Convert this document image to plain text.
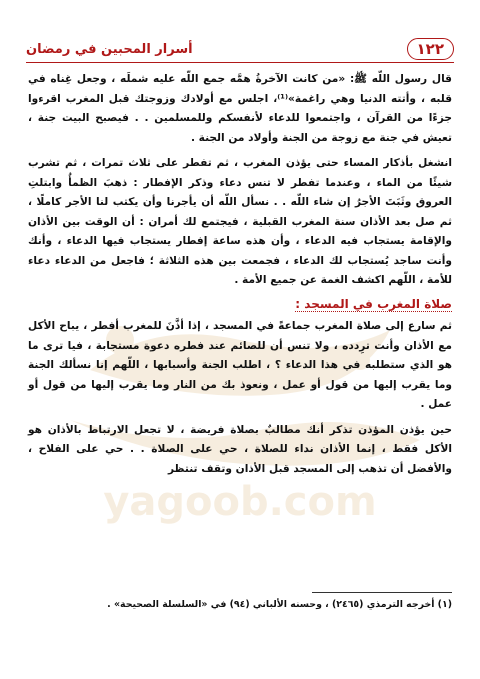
yagoob.com
١٢٢
أسرار المحبين في رمضان

قال رسول اللّه ﷺ: «من كانت الآخرةُ همَّه جمع اللّه عليه شملَه ، وجعل غِناه في قلبه ، وأتته الدنيا وهي راغمة»⁽¹⁾، اجلس مع أولادك وزوجتك قبل المغرب اقرءوا جزءًا من القرآن ، واجتمعوا للدعاء لأنفسكم وللمسلمين . . فيصبح البيت جنة ، تعيش في جنة مع زوجة من الجنة وأولاد من الجنة .

انشغل بأذكار المساء حتى يؤذن المغرب ، ثم تفطر على ثلاث تمرات ، ثم تشرب شيئًا من الماء ، وعندما تفطر لا تنس دعاء وذكر الإفطار : ذهبَ الظمأُ وابتلتِ العروق وثَبَتَ الأجرُ إن شاء اللّه . . نسأل اللّه أن يأجرنا وأن يكتب لنا الأجر كاملًا ، ثم صل بعد الأذان سنة المغرب القبلية ، فيجتمع لك أمران : أن الوقت بين الأذان والإقامة يستجاب فيه الدعاء ، وأن هذه ساعة إفطار يستجاب فيها الدعاء ، وأنك وأنت ساجد يُستجاب لك الدعاء ، فجمعت بين هذه الثلاثة ؛ فاجعل من الدعاء دعاء للأمة ، اللّهم اكشف الغمة عن جميع الأمة .

صلاة المغرب في المسجد :

ثم سارع إلى صلاة المغرب جماعةً في المسجد ، إذا أذَّنَ للمغرب أفطر ، يباح الأكل مع الأذان وأنت ترِدده ، ولا تنس أن للصائم عند فطره دعوة مستجابة ، فيا ترى ما هو الذي ستطلبه في هذا الدعاء ؟ ، اطلب الجنة وأسبابها ، اللّهم إنا نسألك الجنة وما يقرب إليها من قول أو عمل ، ونعوذ بك من النار وما يقرب إليها من قول أو عمل .

حين يؤذن المؤذن تذكر أنك مطالبٌ بصلاة فريضة ، لا تجعل الارتباط بالأذان هو الأكل فقط ، إنما الأذان نداء للصلاة ، حي على الصلاة . . حي على الفلاح ، والأفضل أن تذهب إلى المسجد قبل الأذان وتقف تنتظر

(١) أخرجه الترمذي (٢٤٦٥) ، وحسنه الألباني (٩٤) في «السلسلة الصحيحة» .
